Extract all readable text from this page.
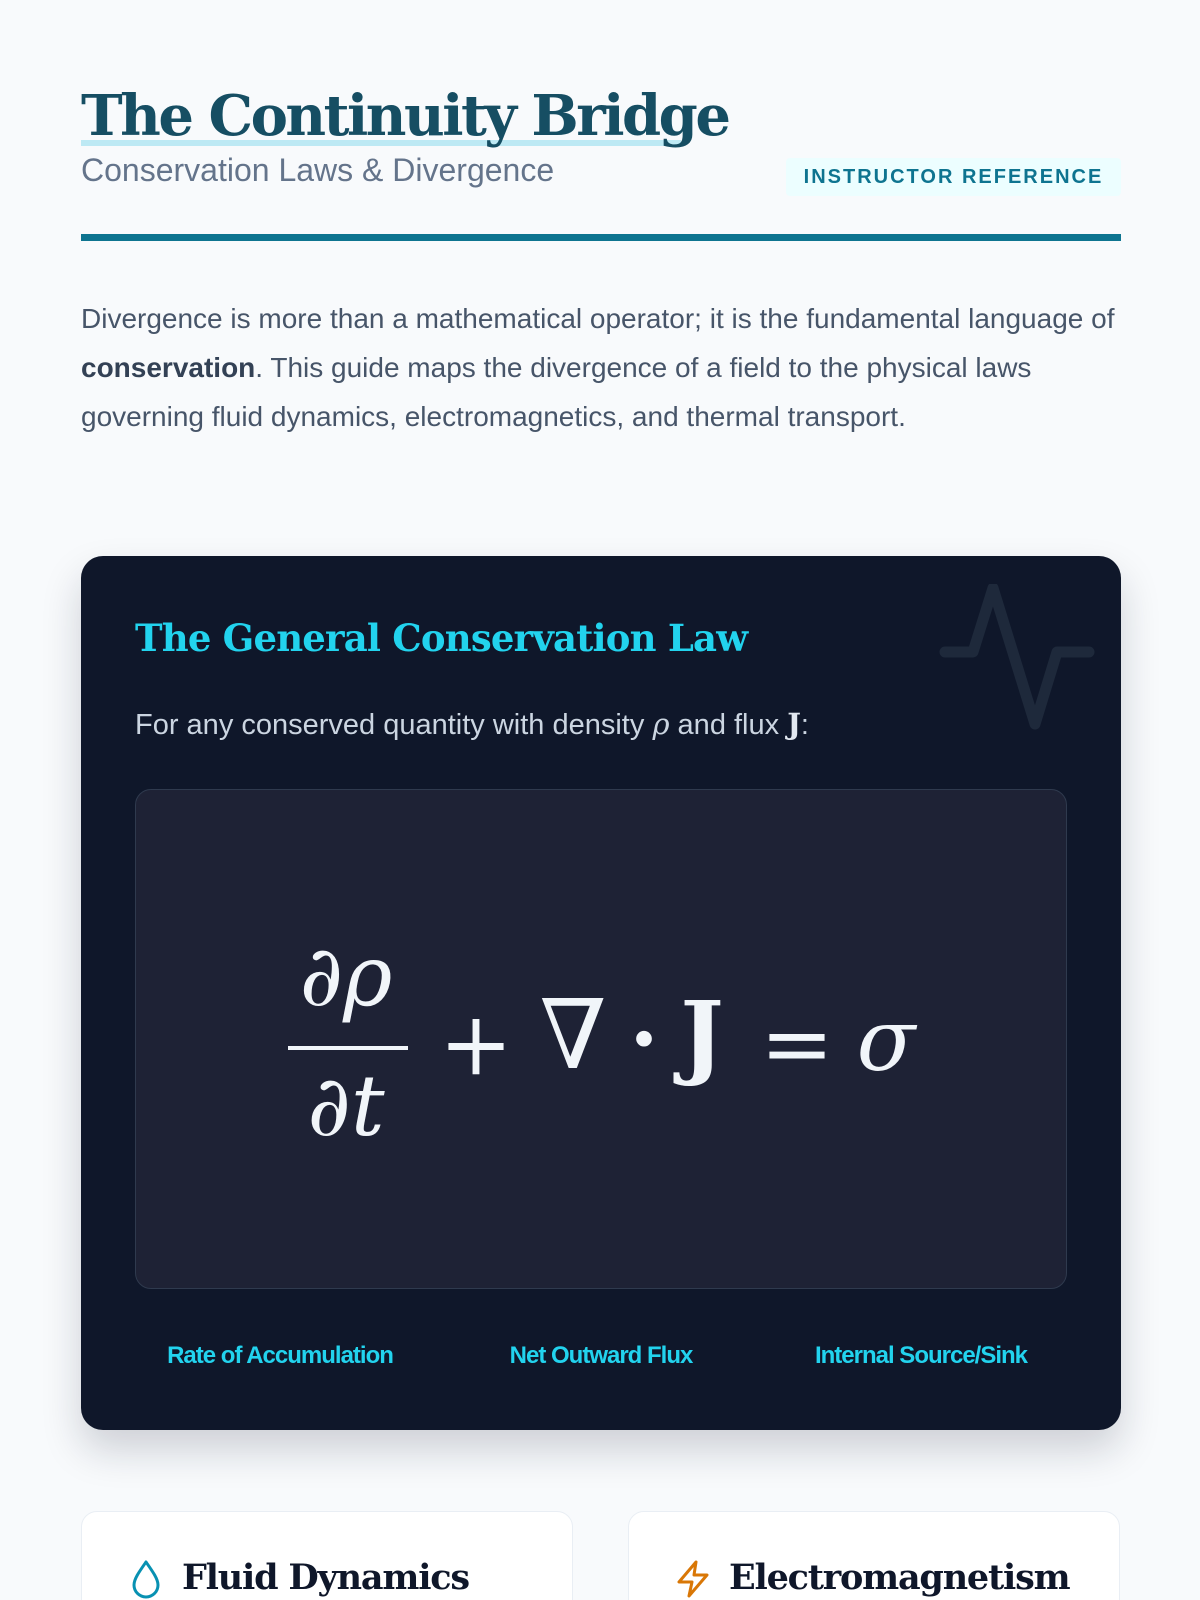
The Continuity Bridge
Conservation Laws & Divergence	INSTRUCTOR REFERENCE

Divergence is more than a mathematical operator; it is the fundamental language of conservation. This guide maps the divergence of a field to the physical laws governing fluid dynamics, electromagnetics, and thermal transport.

The General Conservation Law

For any conserved quantity with density ρ and flux J:

∂ρ
∂t
+ ∇ · J = σ
Rate of Accumulation	Net Outward Flux	Internal Source/Sink
Fluid Dynamics	Electromagnetism
